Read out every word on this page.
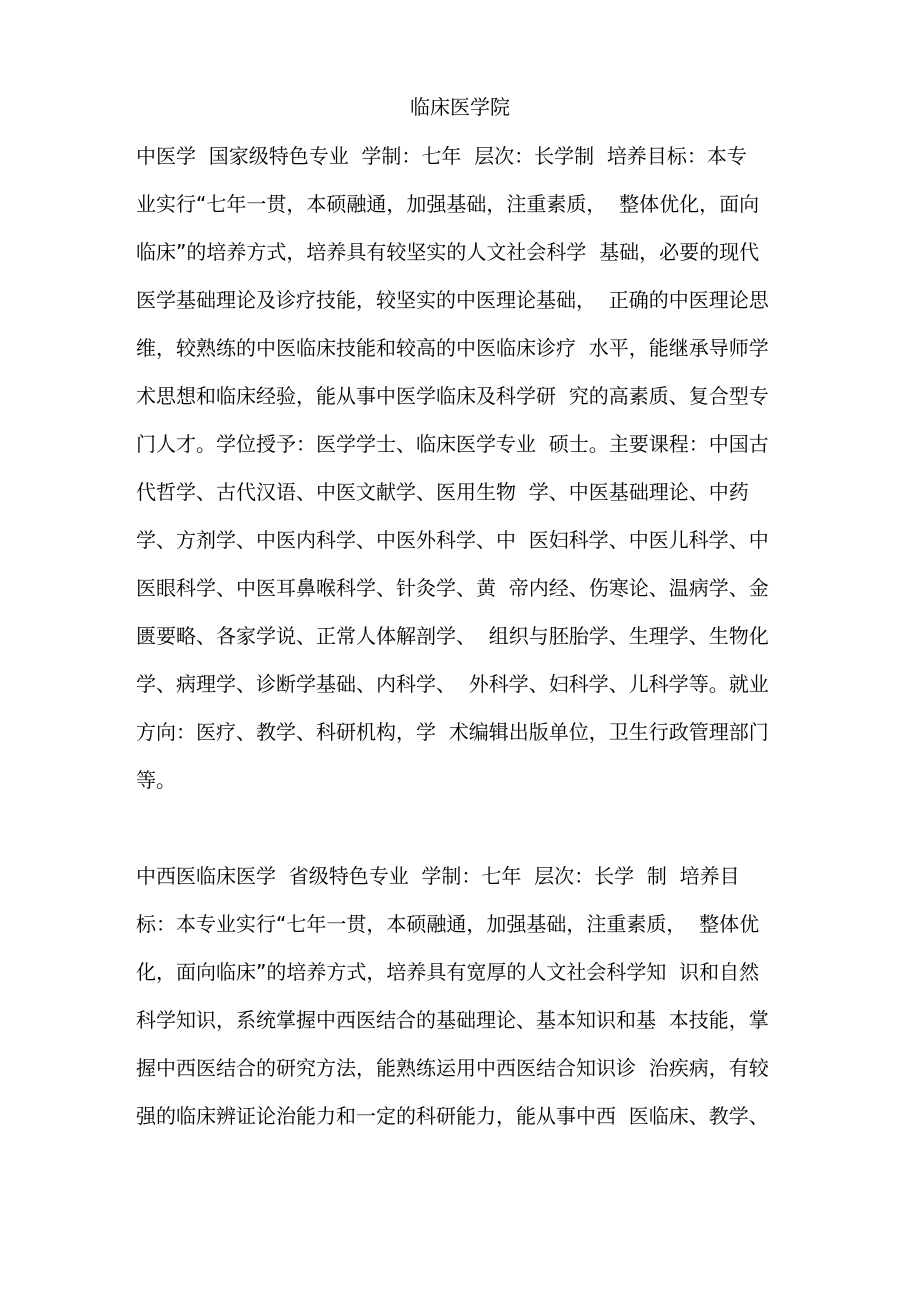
临床医学院
中医学  国家级特色专业  学制：七年  层次：长学制  培养目标：本专
业实行“七年一贯，本硕融通，加强基础，注重素质，  整体优化，面向
临床”的培养方式，培养具有较坚实的人文社会科学  基础，必要的现代
医学基础理论及诊疗技能，较坚实的中医理论基础，  正确的中医理论思
维，较熟练的中医临床技能和较高的中医临床诊疗  水平，能继承导师学
术思想和临床经验，能从事中医学临床及科学研  究的高素质、复合型专
门人才。学位授予：医学学士、临床医学专业  硕士。主要课程：中国古
代哲学、古代汉语、中医文献学、医用生物  学、中医基础理论、中药
学、方剂学、中医内科学、中医外科学、中  医妇科学、中医儿科学、中
医眼科学、中医耳鼻喉科学、针灸学、黄  帝内经、伤寒论、温病学、金
匮要略、各家学说、正常人体解剖学、  组织与胚胎学、生理学、生物化
学、病理学、诊断学基础、内科学、  外科学、妇科学、儿科学等。就业
方向：医疗、教学、科研机构，学  术编辑出版单位，卫生行政管理部门
等。
中西医临床医学  省级特色专业  学制：七年  层次：长学  制  培养目
标：本专业实行“七年一贯，本硕融通，加强基础，注重素质，  整体优
化，面向临床”的培养方式，培养具有宽厚的人文社会科学知  识和自然
科学知识，系统掌握中西医结合的基础理论、基本知识和基  本技能，掌
握中西医结合的研究方法，能熟练运用中西医结合知识诊  治疾病，有较
强的临床辨证论治能力和一定的科研能力，能从事中西  医临床、教学、
